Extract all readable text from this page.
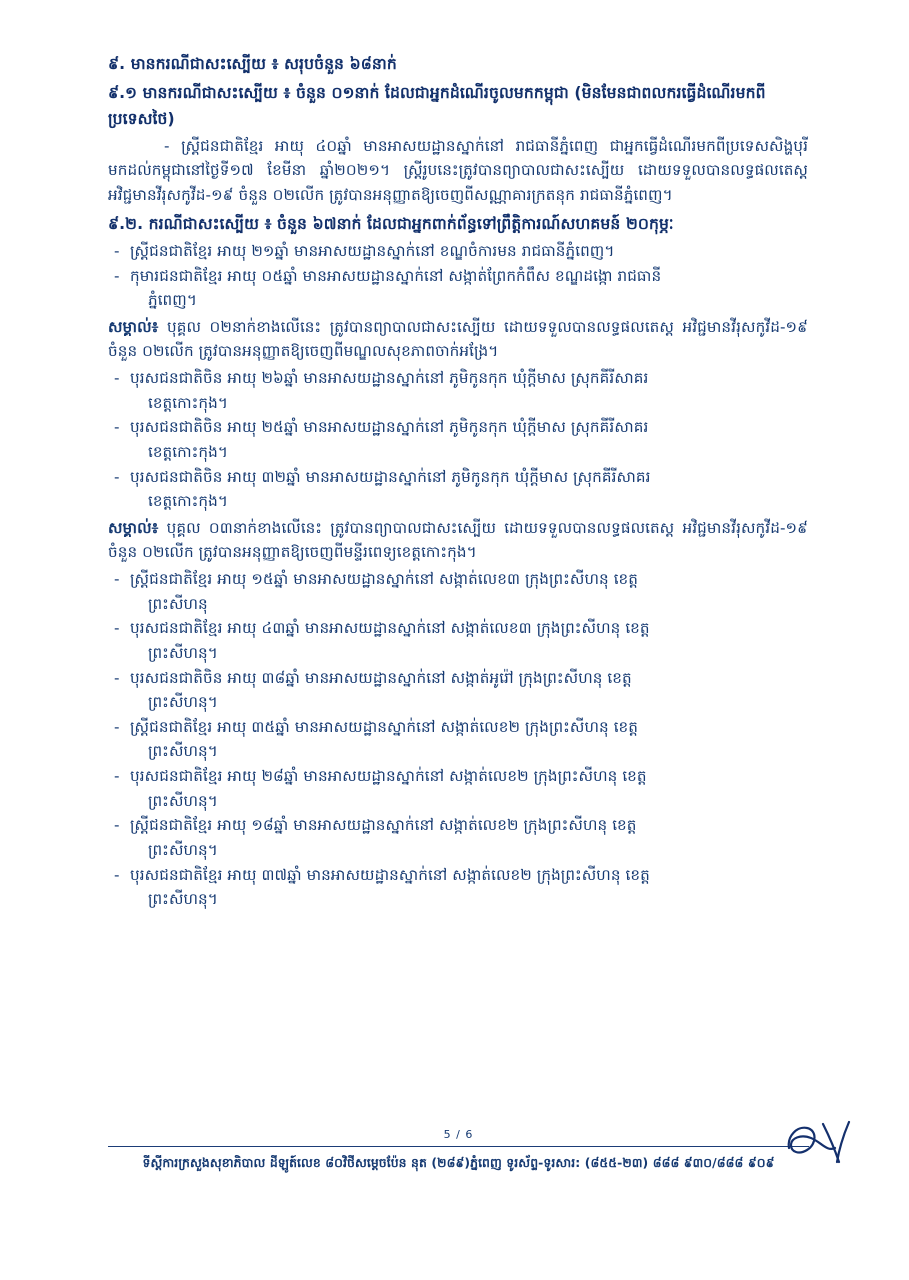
៩. មានករណីជាសះស្បើយ ៖ សរុបចំនួន ៦៨នាក់
៩.១ មានករណីជាសះស្បើយ ៖ ចំនួន ០១នាក់ ដែលជាអ្នកដំណើរចូលមកកម្ពុជា (មិនមែនជាពលករធ្វើដំណើរមកពីប្រទេសថៃ)

- ស្ត្រីជនជាតិខ្មែរ អាយុ ៤០ឆ្នាំ មានអាសយដ្ឋានស្នាក់នៅ រាជធានីភ្នំពេញ ជាអ្នកធ្វើដំណើរមកពីប្រទេសសិង្ហបុរី មកដល់កម្ពុជានៅថ្ងៃទី១៧ ខែមីនា ឆ្នាំ២០២១។ ស្ត្រីរូបនេះត្រូវបានព្យាបាលជាសះស្បើយ ដោយទទួលបានលទ្ធផលតេស្ត អវិជ្ជមានវីរុសកូវីដ-១៩ ចំនួន ០២លើក ត្រូវបានអនុញ្ញាតឱ្យចេញពីសណ្ណាគារក្រតនុក រាជធានីភ្នំពេញ។

៩.២. ករណីជាសះស្បើយ ៖ ចំនួន ៦៧នាក់ ដែលជាអ្នកពាក់ព័ន្ធទៅព្រឹត្តិការណ៍សហគមន៍ ២០កុម្ភៈ
- ស្ត្រីជនជាតិខ្មែរ អាយុ ២១ឆ្នាំ មានអាសយដ្ឋានស្នាក់នៅ ខណ្ឌចំការមន រាជធានីភ្នំពេញ។
- កុមារជនជាតិខ្មែរ អាយុ ០៥ឆ្នាំ មានអាសយដ្ឋានស្នាក់នៅ សង្កាត់ព្រែកកំពឹស ខណ្ឌដង្កោ រាជធានី
ភ្នំពេញ។

សម្គាល់៖ បុគ្គល ០២នាក់ខាងលើនេះ ត្រូវបានព្យាបាលជាសះស្បើយ ដោយទទួលបានលទ្ធផលតេស្ត អវិជ្ជមានវីរុសកូវីដ-១៩ ចំនួន ០២លើក ត្រូវបានអនុញ្ញាតឱ្យចេញពីមណ្ឌលសុខភាពចាក់អង្រែ។

- បុរសជនជាតិចិន អាយុ ២៦ឆ្នាំ មានអាសយដ្ឋានស្នាក់នៅ ភូមិកូនកុក ឃុំក្ដីមាស ស្រុកគីរីសាគរ
ខេត្តកោះកុង។
- បុរសជនជាតិចិន អាយុ ២៥ឆ្នាំ មានអាសយដ្ឋានស្នាក់នៅ ភូមិកូនកុក ឃុំក្ដីមាស ស្រុកគីរីសាគរ
ខេត្តកោះកុង។
- បុរសជនជាតិចិន អាយុ ៣២ឆ្នាំ មានអាសយដ្ឋានស្នាក់នៅ ភូមិកូនកុក ឃុំក្ដីមាស ស្រុកគីរីសាគរ
ខេត្តកោះកុង។

សម្គាល់៖ បុគ្គល ០៣នាក់ខាងលើនេះ ត្រូវបានព្យាបាលជាសះស្បើយ ដោយទទួលបានលទ្ធផលតេស្ត អវិជ្ជមានវីរុសកូវីដ-១៩ ចំនួន ០២លើក ត្រូវបានអនុញ្ញាតឱ្យចេញពីមន្ទីរពេទ្យខេត្តកោះកុង។

- ស្ត្រីជនជាតិខ្មែរ អាយុ ១៥ឆ្នាំ មានអាសយដ្ឋានស្នាក់នៅ សង្កាត់លេខ៣ ក្រុងព្រះសីហនុ ខេត្ត
ព្រះសីហនុ
- បុរសជនជាតិខ្មែរ អាយុ ៤៣ឆ្នាំ មានអាសយដ្ឋានស្នាក់នៅ សង្កាត់លេខ៣ ក្រុងព្រះសីហនុ ខេត្ត
ព្រះសីហនុ។
- បុរសជនជាតិចិន អាយុ ៣៨ឆ្នាំ មានអាសយដ្ឋានស្នាក់នៅ សង្កាត់អូរ៉ៅ ក្រុងព្រះសីហនុ ខេត្ត
ព្រះសីហនុ។
- ស្ត្រីជនជាតិខ្មែរ អាយុ ៣៥ឆ្នាំ មានអាសយដ្ឋានស្នាក់នៅ សង្កាត់លេខ២ ក្រុងព្រះសីហនុ ខេត្ត
ព្រះសីហនុ។
- បុរសជនជាតិខ្មែរ អាយុ ២៨ឆ្នាំ មានអាសយដ្ឋានស្នាក់នៅ សង្កាត់លេខ២ ក្រុងព្រះសីហនុ ខេត្ត
ព្រះសីហនុ។
- ស្ត្រីជនជាតិខ្មែរ អាយុ ១៨ឆ្នាំ មានអាសយដ្ឋានស្នាក់នៅ សង្កាត់លេខ២ ក្រុងព្រះសីហនុ ខេត្ត
ព្រះសីហនុ។
- បុរសជនជាតិខ្មែរ អាយុ ៣៧ឆ្នាំ មានអាសយដ្ឋានស្នាក់នៅ សង្កាត់លេខ២ ក្រុងព្រះសីហនុ ខេត្ត
ព្រះសីហនុ។
5 / 6
ទីស្ដីការក្រសួងសុខាភិបាល ដីឡូត៍លេខ ៨០វិថីសម្ដេចប៉ែន នុត (២៨៩)ភ្នំពេញ ទូរស័ព្ទ-ទូរសារ: (៨៥៥-២៣) ៨៨៨ ៩៣០/៨៨៨ ៩០៩
